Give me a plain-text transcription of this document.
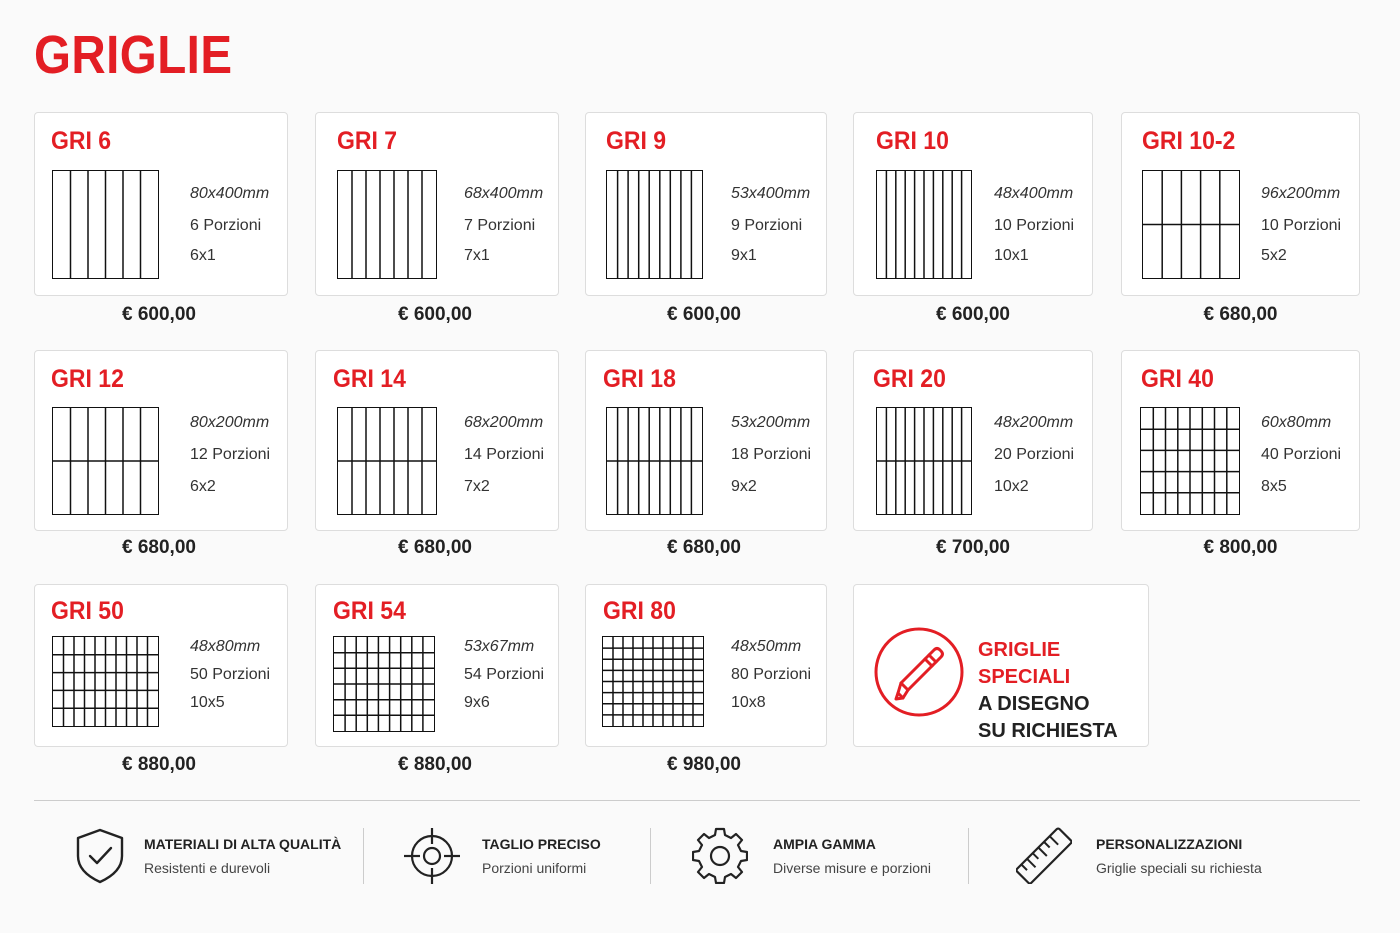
GRIGLIE
GRI 6
80x400mm
6 Porzioni
6x1
€ 600,00
GRI 7
68x400mm
7 Porzioni
7x1
€ 600,00
GRI 9
53x400mm
9 Porzioni
9x1
€ 600,00
GRI 10
48x400mm
10 Porzioni
10x1
€ 600,00
GRI 10-2
96x200mm
10 Porzioni
5x2
€ 680,00
GRI 12
80x200mm
12 Porzioni
6x2
€ 680,00
GRI 14
68x200mm
14 Porzioni
7x2
€ 680,00
GRI 18
53x200mm
18 Porzioni
9x2
€ 680,00
GRI 20
48x200mm
20 Porzioni
10x2
€ 700,00
GRI 40
60x80mm
40 Porzioni
8x5
€ 800,00
GRI 50
48x80mm
50 Porzioni
10x5
€ 880,00
GRI 54
53x67mm
54 Porzioni
9x6
€ 880,00
GRI 80
48x50mm
80 Porzioni
10x8
€ 980,00
GRIGLIE SPECIALI
A DISEGNO
SU RICHIESTA
MATERIALI DI ALTA QUALITÀ
Resistenti e durevoli
TAGLIO PRECISO
Porzioni uniformi
AMPIA GAMMA
Diverse misure e porzioni
PERSONALIZZAZIONI
Griglie speciali su richiesta
